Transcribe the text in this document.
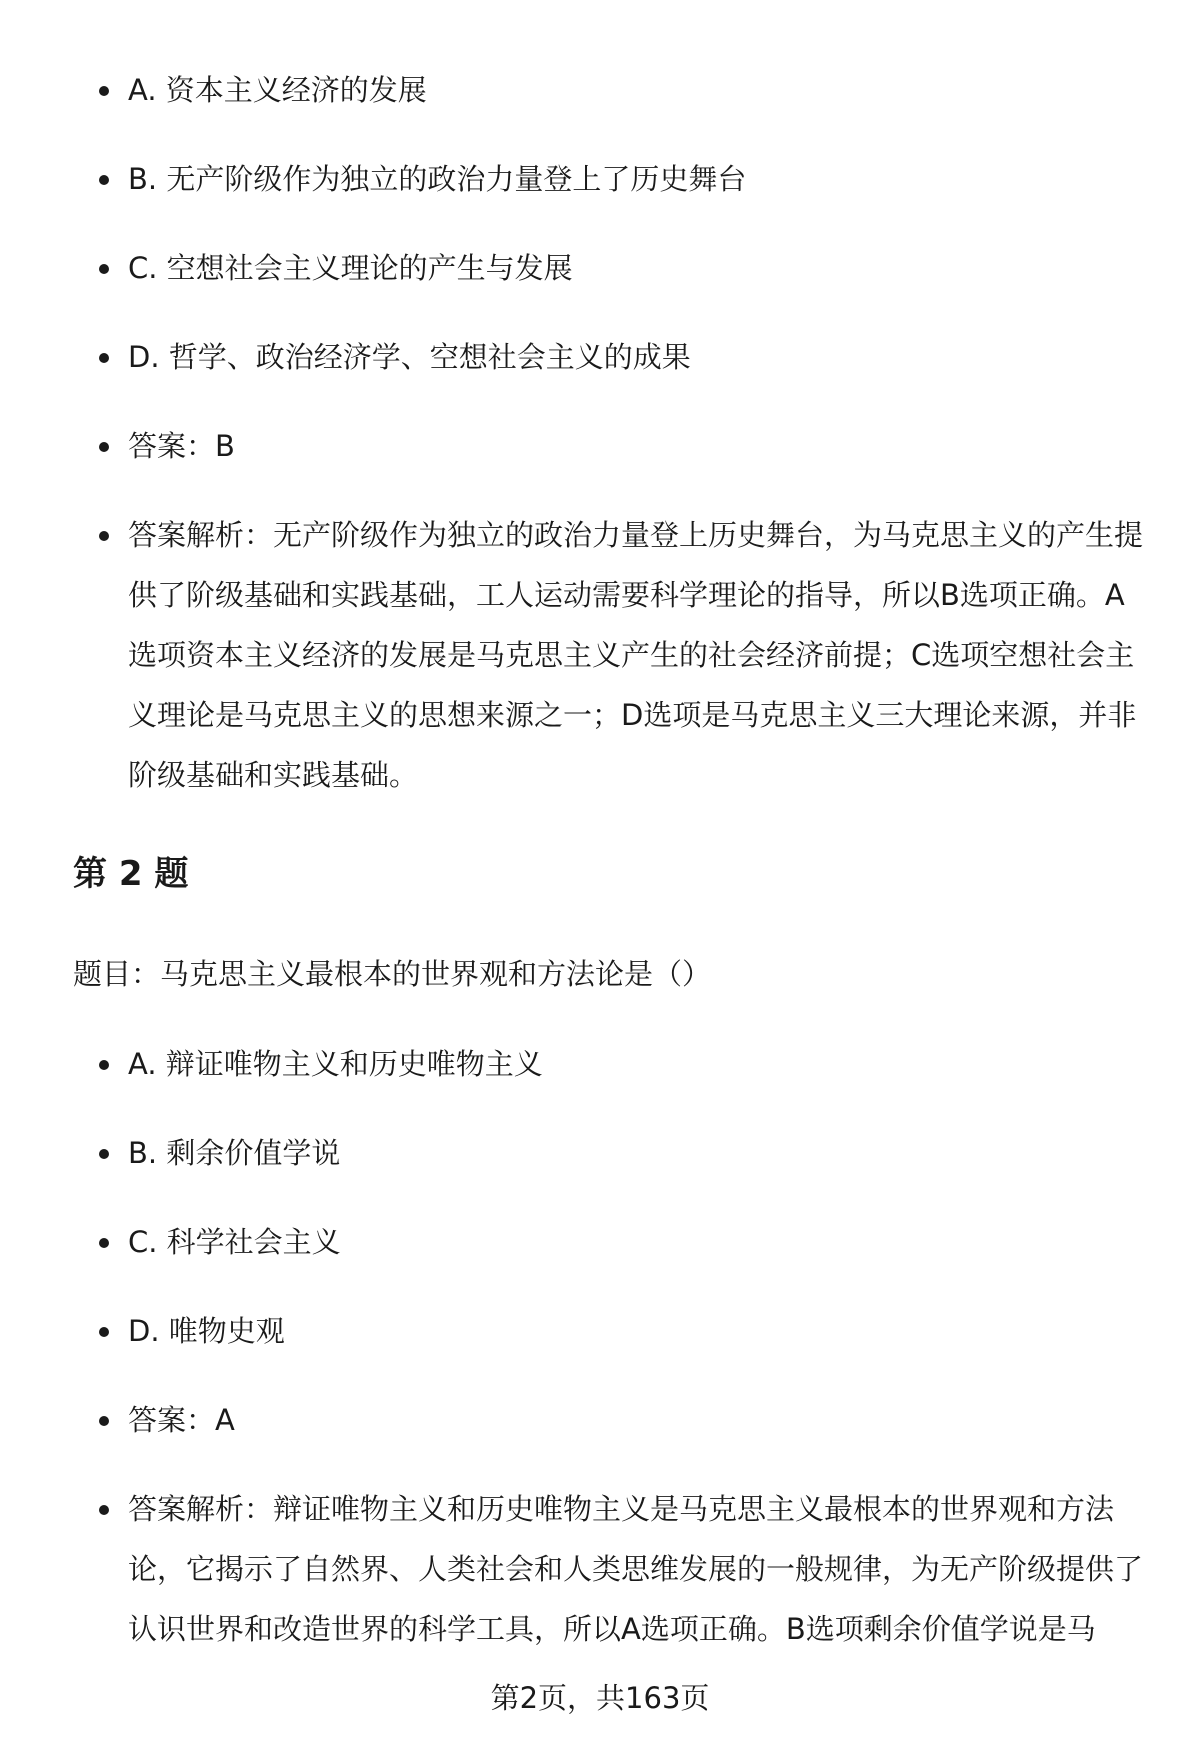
A. 资本主义经济的发展
B. 无产阶级作为独立的政治力量登上了历史舞台
C. 空想社会主义理论的产生与发展
D. 哲学、政治经济学、空想社会主义的成果
答案：B
答案解析：无产阶级作为独立的政治力量登上历史舞台，为马克思主义的产生提供了阶级基础和实践基础，工人运动需要科学理论的指导，所以B选项正确。A选项资本主义经济的发展是马克思主义产生的社会经济前提；C选项空想社会主义理论是马克思主义的思想来源之一；D选项是马克思主义三大理论来源，并非阶级基础和实践基础。
第 2 题

题目：马克思主义最根本的世界观和方法论是（）

A. 辩证唯物主义和历史唯物主义
B. 剩余价值学说
C. 科学社会主义
D. 唯物史观
答案：A
答案解析：辩证唯物主义和历史唯物主义是马克思主义最根本的世界观和方法论，它揭示了自然界、人类社会和人类思维发展的一般规律，为无产阶级提供了认识世界和改造世界的科学工具，所以A选项正确。B选项剩余价值学说是马
第2页，共163页
